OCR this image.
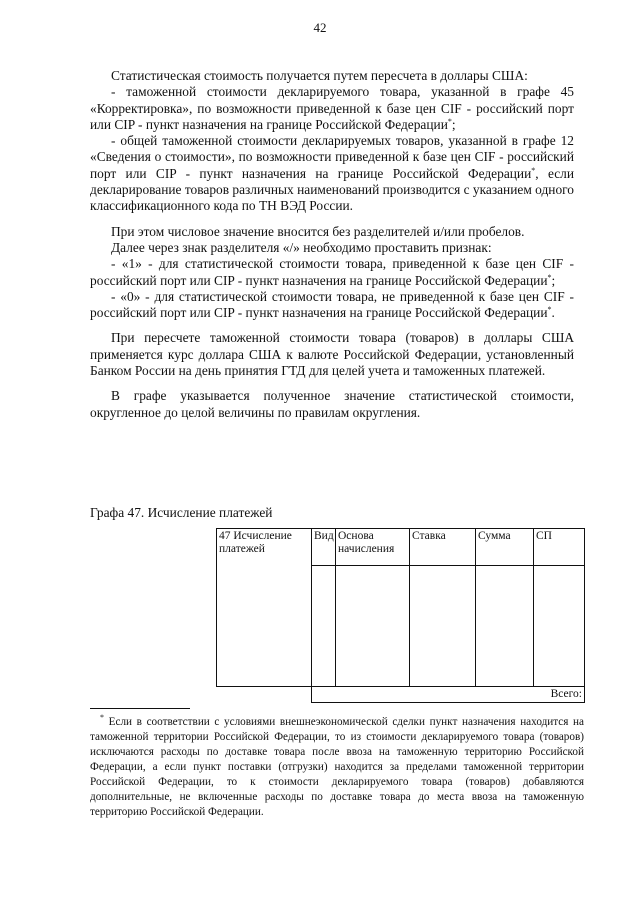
42

Статистическая стоимость получается путем пересчета в доллары США:

- таможенной стоимости декларируемого товара, указанной в графе 45 «Корректировка», по возможности приведенной к базе цен CIF - российский порт или CIP - пункт назначения на границе Российской Федерации*;

- общей таможенной стоимости декларируемых товаров, указанной в графе 12 «Сведения о стоимости», по возможности приведенной к базе цен CIF - российский порт или CIP - пункт назначения на границе Российской Федерации*, если декларирование товаров различных наименований производится с указанием одного классификационного кода по ТН ВЭД России.

При этом числовое значение вносится без разделителей и/или пробелов.

Далее через знак разделителя «/» необходимо проставить признак:

- «1» - для статистической стоимости товара, приведенной к базе цен CIF - российский порт или CIP - пункт назначения на границе Российской Федерации*;

- «0» - для статистической стоимости товара, не приведенной к базе цен CIF - российский порт или CIP - пункт назначения на границе Российской Федерации*.

При пересчете таможенной стоимости товара (товаров) в доллары США применяется курс доллара США к валюте Российской Федерации, установленный Банком России на день принятия ГТД для целей учета и таможенных платежей.

В графе указывается полученное значение статистической стоимости, округленное до целой величины по правилам округления.

Графа 47. Исчисление платежей
47 Исчисление платежей	Вид	Основа начисления	Ставка	Сумма	СП

	Всего:				
* Если в соответствии с условиями внешнеэкономической сделки пункт назначения находится на таможенной территории Российской Федерации, то из стоимости декларируемого товара (товаров) исключаются расходы по доставке товара после ввоза на таможенную территорию Российской Федерации, а если пункт поставки (отгрузки) находится за пределами таможенной территории Российской Федерации, то к стоимости декларируемого товара (товаров) добавляются дополнительные, не включенные расходы по доставке товара до места ввоза на таможенную территорию Российской Федерации.
